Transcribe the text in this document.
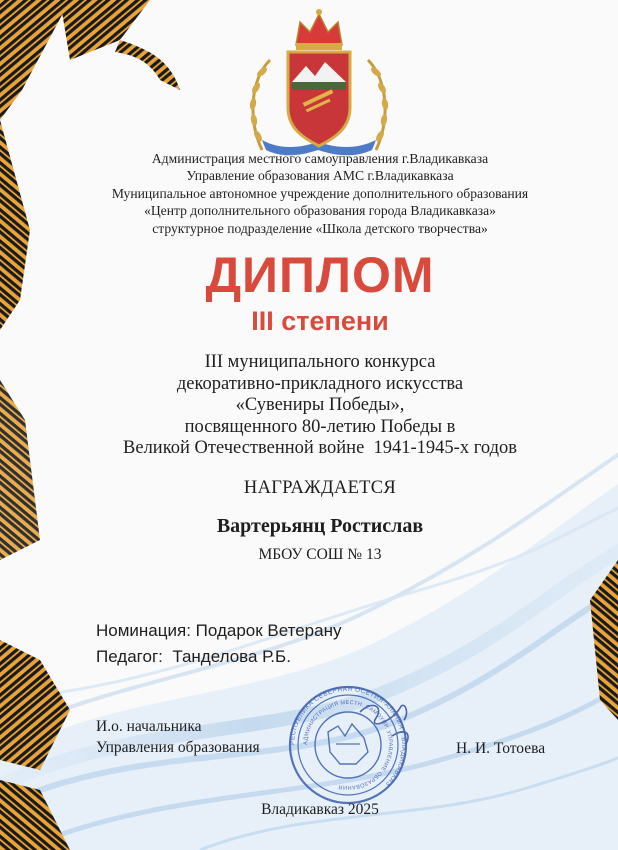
РЕСПУБЛИКА СЕВЕРНАЯ ОСЕТИЯ-АЛАНИЯ Г.ВЛАДИКАВКАЗ
АДМИНИСТРАЦИЯ МЕСТН. САМОУПР. УПРАВЛЕНИЕ ОБРАЗОВАНИЯ
Администрация местного самоуправления г.Владикавказа
Управление образования АМС г.Владикавказа
Муниципальное автономное учреждение дополнительного образования
«Центр дополнительного образования города Владикавказа»
структурное подразделение «Школа детского творчества»
ДИПЛОМ
III степени
III муниципального конкурса
декоративно-прикладного искусства
«Сувениры Победы»,
посвященного 80-летию Победы в
Великой Отечественной войне  1941-1945-х годов
НАГРАЖДАЕТСЯ
Вартерьянц Ростислав
МБОУ СОШ № 13
Номинация: Подарок Ветерану
Педагог:  Танделова Р.Б.
И.о. начальника
Управления образования	Н. И. Тотоева
Владикавказ 2025
